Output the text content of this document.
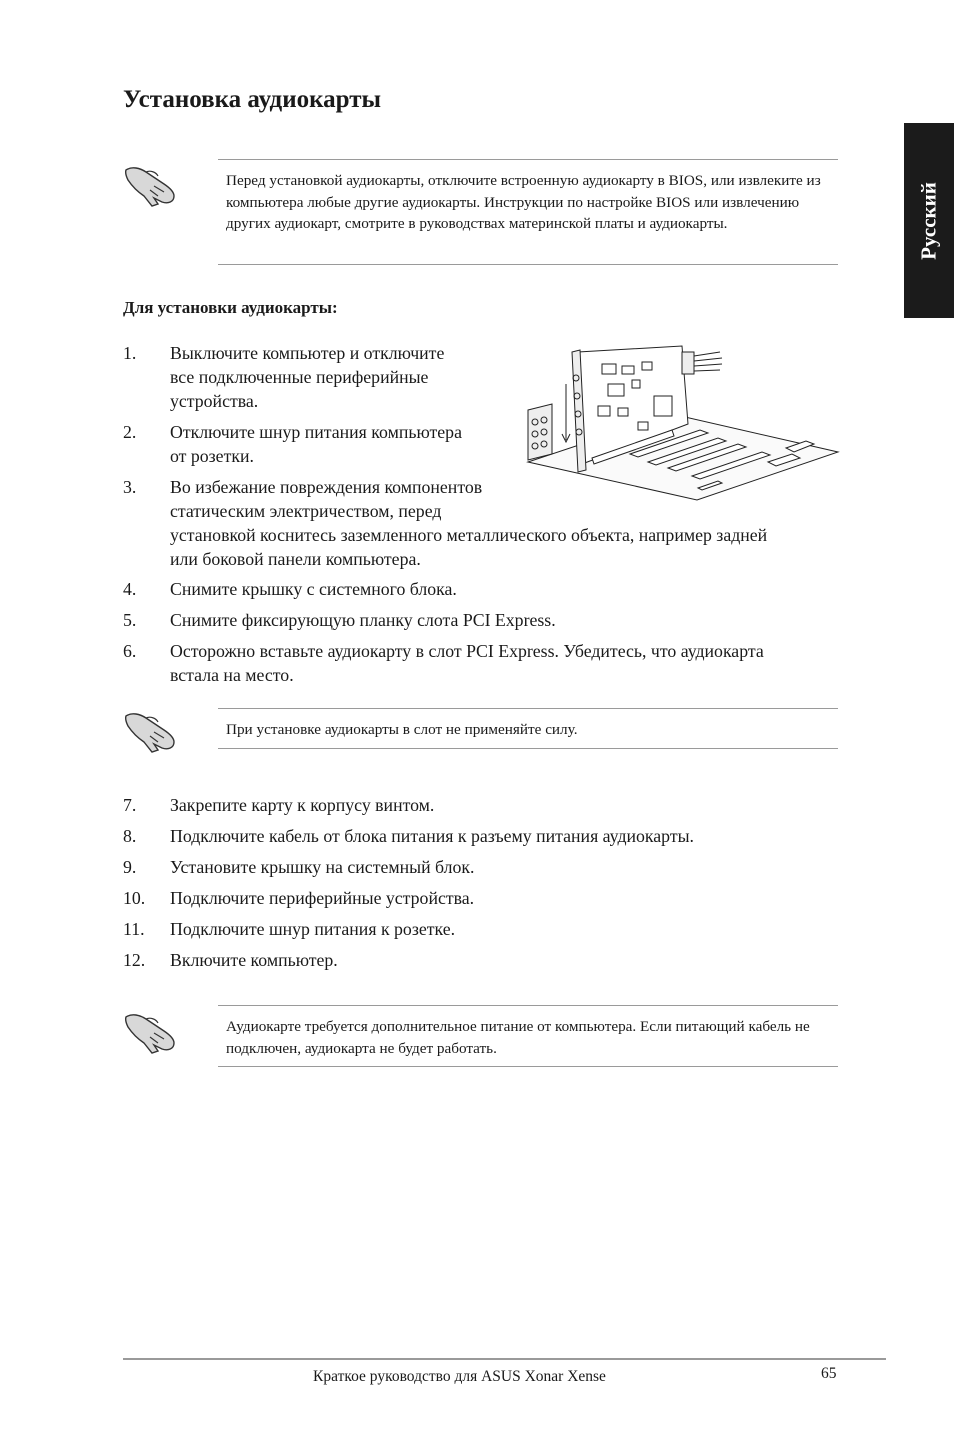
Установка аудиокарты
Русский
Перед установкой аудиокарты, отключите встроенную аудиокарту в BIOS, или извлеките из компьютера любые другие аудиокарты. Инструкции по настройке BIOS или извлечению других аудиокарт, смотрите в руководствах материнской платы и аудиокарты.
Для установки аудиокарты:
1. Выключите компьютер и отключите
все подключенные периферийные
устройства.
2. Отключите шнур питания компьютера
от розетки.
3. Во избежание повреждения компонентов
статическим электричеством, перед
установкой коснитесь заземленного металлического объекта, например задней
или боковой панели компьютера.
4. Снимите крышку с системного блока.
5. Снимите фиксирующую планку слота PCI Express.
6. Осторожно вставьте аудиокарту в слот PCI Express. Убедитесь, что аудиокарта
встала на место.
При установке аудиокарты в слот не применяйте силу.
7. Закрепите карту к корпусу винтом.
8. Подключите кабель от блока питания к разъему питания аудиокарты.
9. Установите крышку на системный блок.
10. Подключите периферийные устройства.
11. Подключите шнур питания к розетке.
12. Включите компьютер.
Аудиокарте требуется дополнительное питание от компьютера. Если питающий кабель не подключен, аудиокарта не будет работать.
Краткое руководство для ASUS Xonar Xense	65
